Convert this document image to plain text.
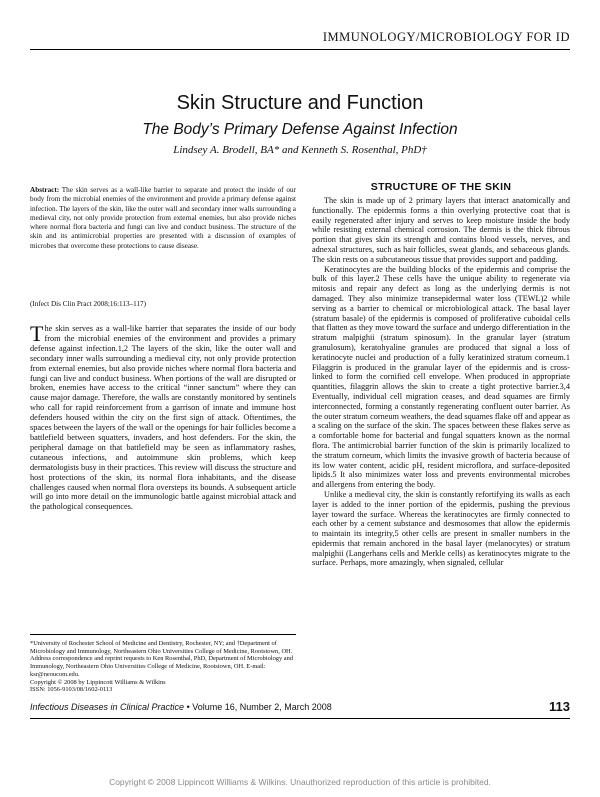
IMMUNOLOGY/MICROBIOLOGY FOR ID
Skin Structure and Function
The Body’s Primary Defense Against Infection
Lindsey A. Brodell, BA* and Kenneth S. Rosenthal, PhD†
Abstract: The skin serves as a wall-like barrier to separate and protect the inside of our body from the microbial enemies of the environment and provide a primary defense against infection. The layers of the skin, like the outer wall and secondary inner walls surrounding a medieval city, not only provide protection from external enemies, but also provide niches where normal flora bacteria and fungi can live and conduct business. The structure of the skin and its antimicrobial properties are presented with a discussion of examples of microbes that overcome these protections to cause disease.
(Infect Dis Clin Pract 2008;16:113–117)
The skin serves as a wall-like barrier that separates the inside of our body from the microbial enemies of the environment and provides a primary defense against infection.1,2 The layers of the skin, like the outer wall and secondary inner walls surrounding a medieval city, not only provide protection from external enemies, but also provide niches where normal flora bacteria and fungi can live and conduct business. When portions of the wall are disrupted or broken, enemies have access to the critical “inner sanctum” where they can cause major damage. Therefore, the walls are constantly monitored by sentinels who call for rapid reinforcement from a garrison of innate and immune host defenders housed within the city on the first sign of attack. Oftentimes, the spaces between the layers of the wall or the openings for hair follicles become a battlefield between squatters, invaders, and host defenders. For the skin, the peripheral damage on that battlefield may be seen as inflammatory rashes, cutaneous infections, and autoimmune skin problems, which keep dermatologists busy in their practices. This review will discuss the structure and host protections of the skin, its normal flora inhabitants, and the disease challenges caused when normal flora oversteps its bounds. A subsequent article will go into more detail on the immunologic battle against microbial attack and the pathological consequences.

*University of Rochester School of Medicine and Dentistry, Rochester, NY; and †Department of Microbiology and Immunology, Northeastern Ohio Universities College of Medicine, Rootstown, OH.

Address correspondence and reprint requests to Ken Rosenthal, PhD, Department of Microbiology and Immunology, Northeastern Ohio Universities College of Medicine, Rootstown, OH. E-mail: ksr@neoucom.edu.

Copyright © 2008 by Lippincott Williams & Wilkins

ISSN: 1056-9103/08/1602-0113

STRUCTURE OF THE SKIN

The skin is made up of 2 primary layers that interact anatomically and functionally. The epidermis forms a thin overlying protective coat that is easily regenerated after injury and serves to keep moisture inside the body while resisting external chemical corrosion. The dermis is the thick fibrous portion that gives skin its strength and contains blood vessels, nerves, and adnexal structures, such as hair follicles, sweat glands, and sebaceous glands. The skin rests on a subcutaneous tissue that provides support and padding.

Keratinocytes are the building blocks of the epidermis and comprise the bulk of this layer.2 These cells have the unique ability to regenerate via mitosis and repair any defect as long as the underlying dermis is not damaged. They also minimize transepidermal water loss (TEWL)2 while serving as a barrier to chemical or microbiological attack. The basal layer (stratum basale) of the epidermis is composed of proliferative cuboidal cells that flatten as they move toward the surface and undergo differentiation in the stratum malpighii (stratum spinosum). In the granular layer (stratum granulosum), keratohyaline granules are produced that signal a loss of keratinocyte nuclei and production of a fully keratinized stratum corneum.1 Filaggrin is produced in the granular layer of the epidermis and is cross-linked to form the cornified cell envelope. When produced in appropriate quantities, filaggrin allows the skin to create a tight protective barrier.3,4 Eventually, individual cell migration ceases, and dead squames are firmly interconnected, forming a constantly regenerating confluent outer barrier. As the outer stratum corneum weathers, the dead squames flake off and appear as a scaling on the surface of the skin. The spaces between these flakes serve as a comfortable home for bacterial and fungal squatters known as the normal flora. The antimicrobial barrier function of the skin is primarily localized to the stratum corneum, which limits the invasive growth of bacteria because of its low water content, acidic pH, resident microflora, and surface-deposited lipids.5 It also minimizes water loss and prevents environmental microbes and allergens from entering the body.

Unlike a medieval city, the skin is constantly refortifying its walls as each layer is added to the inner portion of the epidermis, pushing the previous layer toward the surface. Whereas the keratinocytes are firmly connected to each other by a cement substance and desmosomes that allow the epidermis to maintain its integrity,5 other cells are present in smaller numbers in the epidermis that remain anchored in the basal layer (melanocytes) or stratum malpighii (Langerhans cells and Merkle cells) as keratinocytes migrate to the surface. Perhaps, more amazingly, when signaled, cellular

Infectious Diseases in Clinical Practice • Volume 16, Number 2, March 2008	113
Copyright © 2008 Lippincott Williams & Wilkins. Unauthorized reproduction of this article is prohibited.
